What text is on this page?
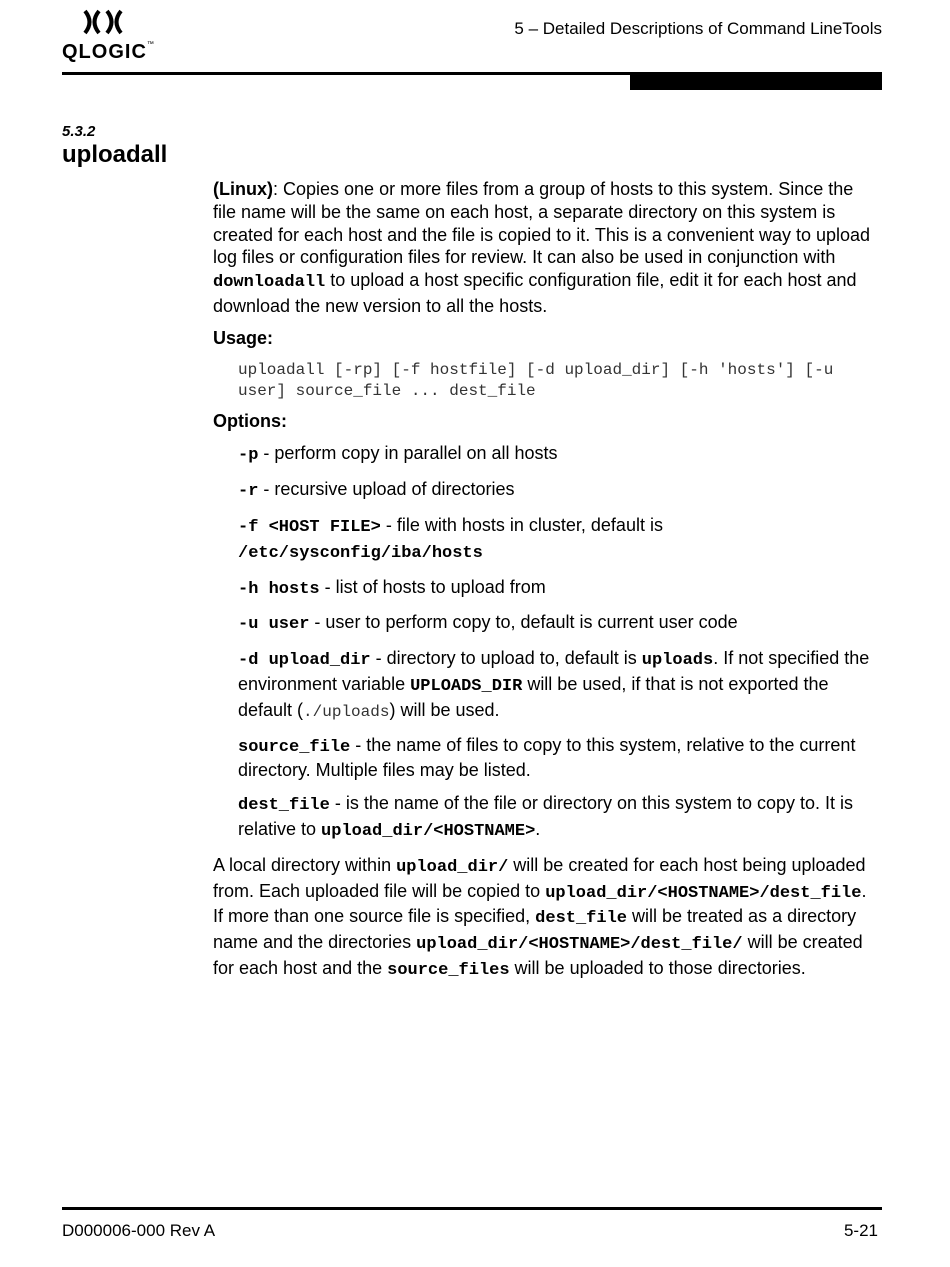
QLOGIC™
5 – Detailed Descriptions of Command LineTools
5.3.2
uploadall

(Linux): Copies one or more files from a group of hosts to this system. Since the file name will be the same on each host, a separate directory on this system is created for each host and the file is copied to it. This is a convenient way to upload log files or configuration files for review. It can also be used in conjunction with downloadall to upload a host specific configuration file, edit it for each host and download the new version to all the hosts.

Usage:

uploadall [-rp] [-f hostfile] [-d upload_dir] [-h 'hosts'] [-u user] source_file ... dest_file

Options:

-p - perform copy in parallel on all hosts

-r - recursive upload of directories

-f <HOST FILE> - file with hosts in cluster, default is /etc/sysconfig/iba/hosts

-h hosts - list of hosts to upload from

-u user - user to perform copy to, default is current user code

-d upload_dir - directory to upload to, default is uploads. If not specified the environment variable UPLOADS_DIR will be used, if that is not exported the default (./uploads) will be used.

source_file - the name of files to copy to this system, relative to the current directory. Multiple files may be listed.

dest_file - is the name of the file or directory on this system to copy to. It is relative to upload_dir/<HOSTNAME>.

A local directory within upload_dir/ will be created for each host being uploaded from. Each uploaded file will be copied to upload_dir/<HOSTNAME>/dest_file. If more than one source file is specified, dest_file will be treated as a directory name and the directories upload_dir/<HOSTNAME>/dest_file/ will be created for each host and the source_files will be uploaded to those directories.

D000006-000 Rev A	5-21
